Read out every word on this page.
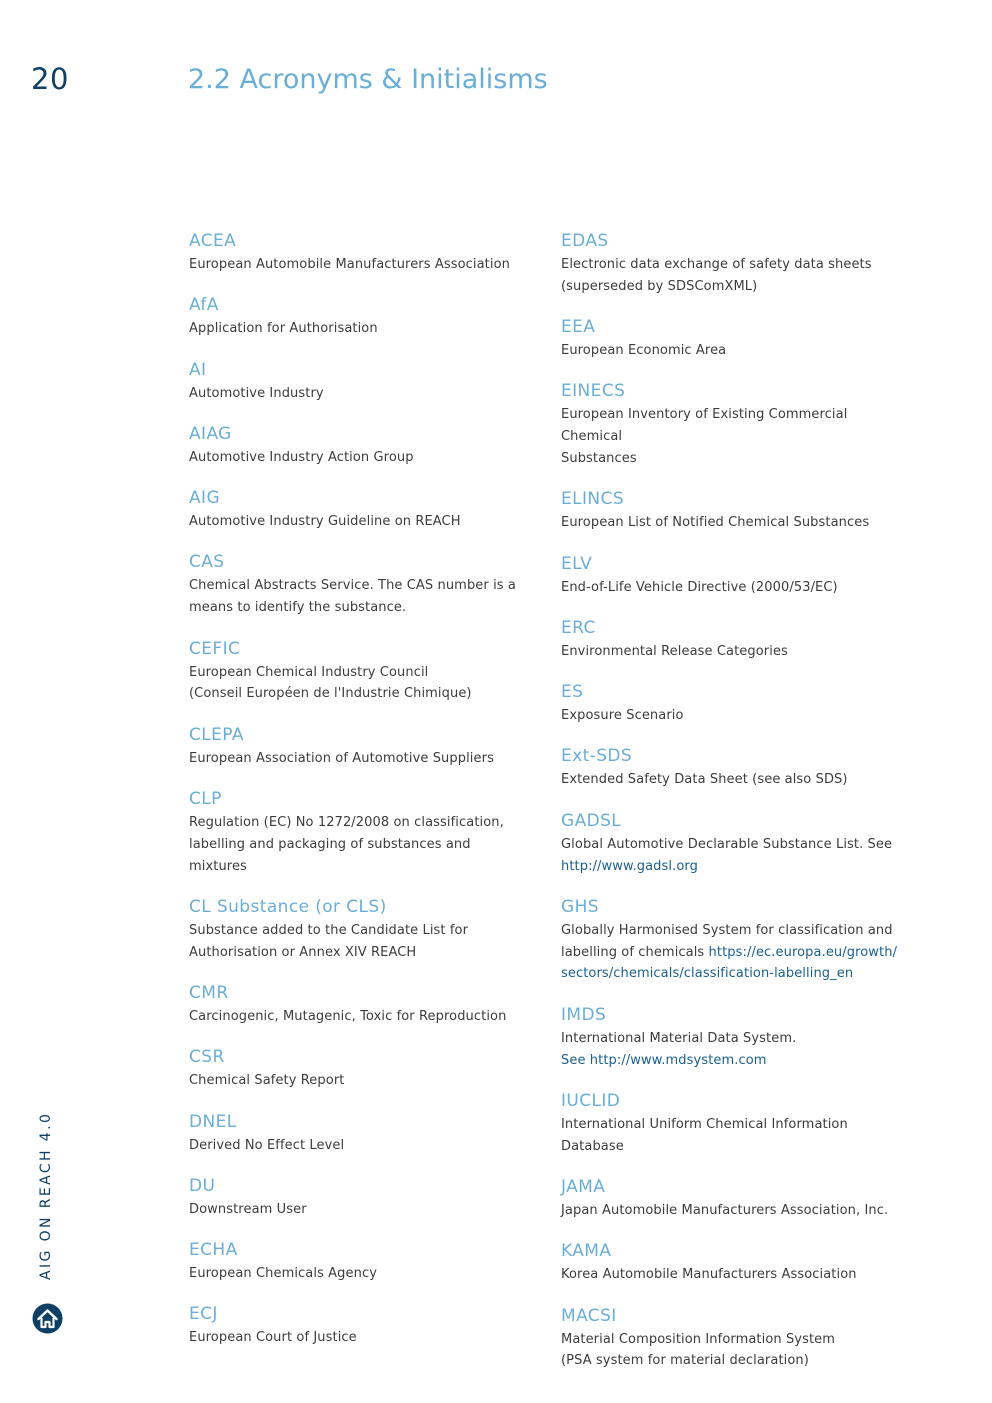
20	2.2 Acronyms & Initialisms
ACEA
European Automobile Manufacturers Association
AfA
Application for Authorisation
AI
Automotive Industry
AIAG
Automotive Industry Action Group
AIG
Automotive Industry Guideline on REACH
CAS
Chemical Abstracts Service. The CAS number is a
means to identify the substance.
CEFIC
European Chemical Industry Council
(Conseil Européen de l'Industrie Chimique)
CLEPA
European Association of Automotive Suppliers
CLP
Regulation (EC) No 1272/2008 on classification,
labelling and packaging of substances and mixtures
CL Substance (or CLS)
Substance added to the Candidate List for
Authorisation or Annex XIV REACH
CMR
Carcinogenic, Mutagenic, Toxic for Reproduction
CSR
Chemical Safety Report
DNEL
Derived No Effect Level
DU
Downstream User
ECHA
European Chemicals Agency
ECJ
European Court of Justice
EDAS
Electronic data exchange of safety data sheets
(superseded by SDSComXML)
EEA
European Economic Area
EINECS
European Inventory of Existing Commercial Chemical
Substances
ELINCS
European List of Notified Chemical Substances
ELV
End-of-Life Vehicle Directive (2000/53/EC)
ERC
Environmental Release Categories
ES
Exposure Scenario
Ext-SDS
Extended Safety Data Sheet (see also SDS)
GADSL
Global Automotive Declarable Substance List. See
http://www.gadsl.org
GHS
Globally Harmonised System for classification and
labelling of chemicals https://ec.europa.eu/growth/
sectors/chemicals/classification-labelling_en
IMDS
International Material Data System.
See http://www.mdsystem.com
IUCLID
International Uniform Chemical Information Database
JAMA
Japan Automobile Manufacturers Association, Inc.
KAMA
Korea Automobile Manufacturers Association
MACSI
Material Composition Information System
(PSA system for material declaration)
AIG ON REACH 4.0
